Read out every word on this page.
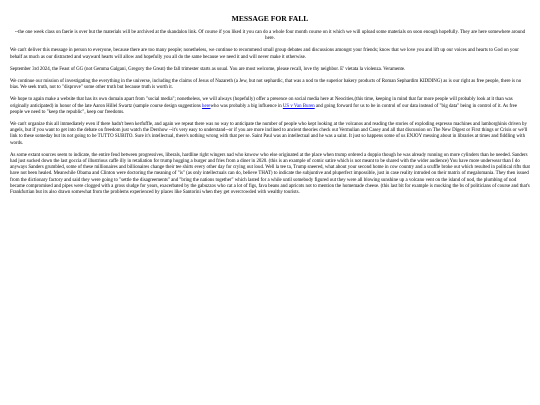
MESSAGE FOR FALL

--the one week class on faerie is over but the materials will be archived at the skandalon link. Of course if you liked it you can do a whole four month course on it which we will upload some materials on soon enough hopefully. They are here somewhere around here.

We can't deliver this message in person to everyone, because there are too many people; nonetheless, we continue to recommend small group debates and discussions amongst your friends; know that we love you and lift up our voices and hearts to God on your behalf as much as our distracted and wayward hearts will allow and hopefully you all do the same because we need it and will never make it otherwise.

September 3rd 2024, the Feast of GG (not Gemma Galgani, Gregory the Great) the fall trimester starts as usual. You are most welcome, please recall, love thy neighbor. E' vietata la violenza. Veramente.

We continue our mission of investigating the everything in the universe, including the claims of Jesus of Nazareth (a Jew, but not sephardic, that was a nod to the superior bakery products of Roman Sephardim KIDDING) as is our right as free people, there is no bias. We seek truth, not to "disprove" some other truth but because truth is worth it.

We hope to again make a website that has its own domain apart from "social media"; nonetheless, we will always (hopefully) offer a presence on social media here at Neocities,(this time, keeping in mind that far more people will probably look at it than was originally anticipated) in honor of the late Aaron Hillel Swartz (sample course design suggestions herewho was probably a big influence in US v Van Buren and going forward for us to be in control of our data instead of "big data" being in control of it. As free people we need to "keep the republic", keep our freedoms.

We can't organize this all immediately even if there hadn't been kerfuffle, and again we repeat there was no way to anticipate the number of people who kept looking at the volcanos and reading the stories of exploding espresso machines and lamborghinis driven by angels, but if you want to get into the debate on freedom just watch the Dershow --it's very easy to understand--or if you are more inclined to ancient theories check out Vermulian and Casey and all that discussion on The New Digest or First things or Crisis or we'll link to these someday but its not going to be TUTTO SUBITO. Sure it's intellectual, there's nothing wrong with that per se. Saint Paul was an intellectual and he was a saint. It just so happens some of us ENJOY messing about in libraries at times and fiddling with words.

As some extant sources seem to indicate, the entire feud between progressives, liberals, hardline right wingers nad who knwow who else originated at the place when trump ordered a doppio though he was already running on more cylinders than he needed. Sanders had just sucked down the last goccia of illustrious caffe illy in retaliation for trump hogging a burger and fries from a diner in 2020. (this is an example of comic satire which is not meant to be shared with the wider audience) You have more underwear than I do anyways Sanders grumbled, some of these millionaires and billionaires change their tee shirts every other day for crying out loud. Well la tee ta, Trump sneered, what about your second home in cow country and a scuffle broke out which resulted in political rifts that have not been healed. Meanwhile Obama and Clinton were doctoring the meaning of "is" (as only intellectuals can do, believe THAT) to indicate the subjuntive and pluperfect impossible, just in case reality intruded on their matrix of megalomania. They then issued from the dictionary factory and said they were going to "settle the disagreements" and "bring the nations together" which lasted for a while until somebody figured out they were all blowing sunshine up a volcano vent on the island of nod, the plumbing of nod became compromised and pipes were clogged with a gross sludge for years, exacerbated by the gabuzzos who cat a lot of figs, fava beans and apricots not to mention the homemade cheese. (this last bit for example is mocking the bs of politicians of course and that's Frankfurtian but its also drawn somewhat from the problems experienced by places like Santorini when they get overcrowded with wealthy tourists.
